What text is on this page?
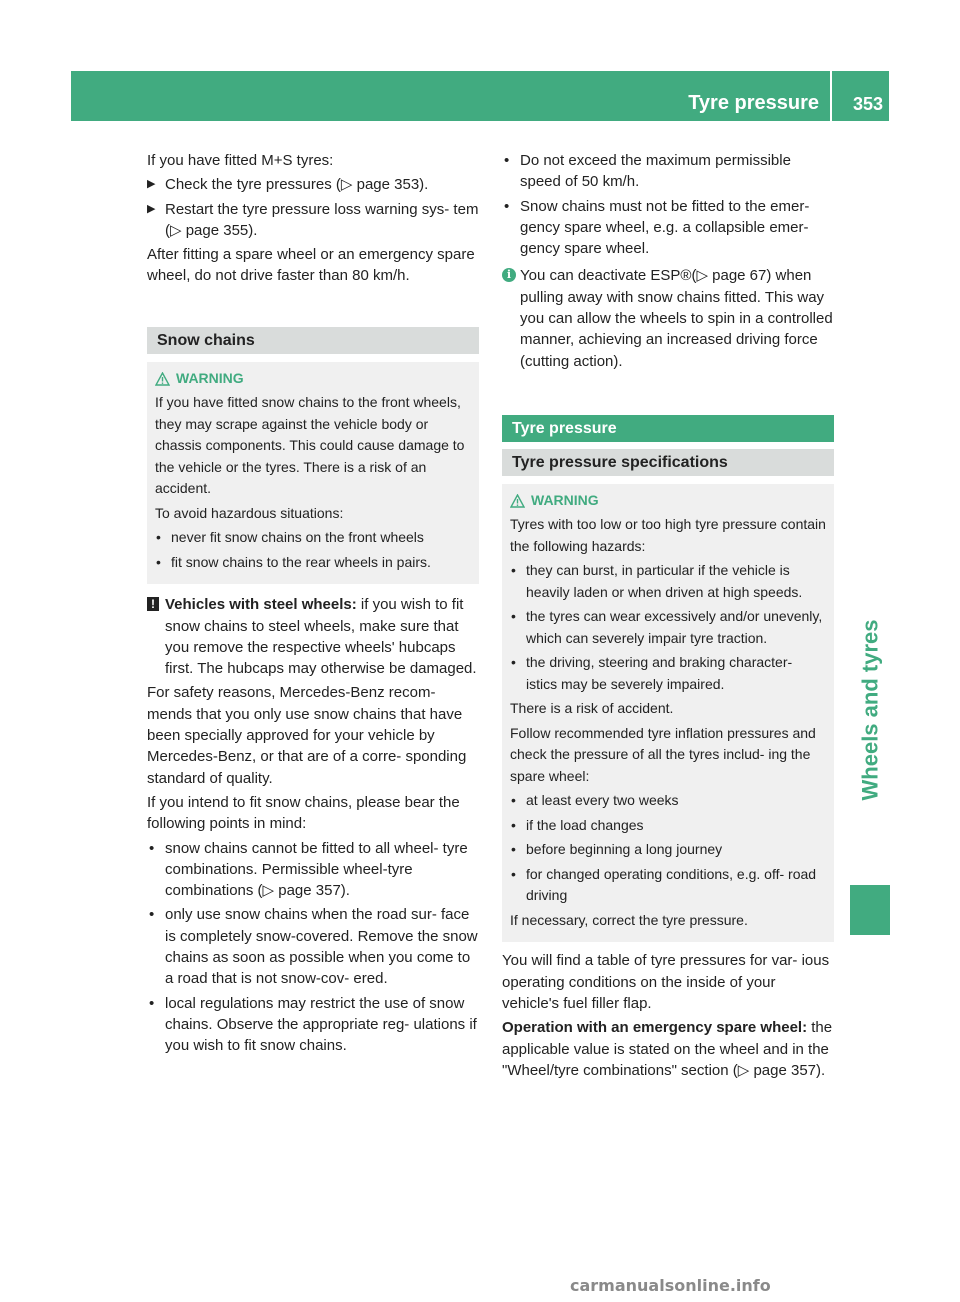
Tyre pressure 353
Wheels and tyres

If you have fitted M+S tyres:

▶ Check the tyre pressures (▷ page 353).
▶ Restart the tyre pressure loss warning sys- tem (▷ page 355).

After fitting a spare wheel or an emergency spare wheel, do not drive faster than 80 km/h.

Snow chains
WARNING

If you have fitted snow chains to the front wheels, they may scrape against the vehicle body or chassis components. This could cause damage to the vehicle or the tyres. There is a risk of an accident.

To avoid hazardous situations:

• never fit snow chains on the front wheels
• fit snow chains to the rear wheels in pairs.
! Vehicles with steel wheels: if you wish to fit snow chains to steel wheels, make sure that you remove the respective wheels' hubcaps first. The hubcaps may otherwise be damaged.

For safety reasons, Mercedes-Benz recom- mends that you only use snow chains that have been specially approved for your vehicle by Mercedes-Benz, or that are of a corre- sponding standard of quality.

If you intend to fit snow chains, please bear the following points in mind:

• snow chains cannot be fitted to all wheel- tyre combinations. Permissible wheel-tyre combinations (▷ page 357).
• only use snow chains when the road sur- face is completely snow-covered. Remove the snow chains as soon as possible when you come to a road that is not snow-cov- ered.
• local regulations may restrict the use of snow chains. Observe the appropriate reg- ulations if you wish to fit snow chains.
• Do not exceed the maximum permissible speed of 50 km/h.
• Snow chains must not be fitted to the emer- gency spare wheel, e.g. a collapsible emer- gency spare wheel.
i You can deactivate ESP®(▷ page 67) when pulling away with snow chains fitted. This way you can allow the wheels to spin in a controlled manner, achieving an increased driving force (cutting action).
Tyre pressure
Tyre pressure specifications
WARNING

Tyres with too low or too high tyre pressure contain the following hazards:

• they can burst, in particular if the vehicle is heavily laden or when driven at high speeds.
• the tyres can wear excessively and/or unevenly, which can severely impair tyre traction.
• the driving, steering and braking character- istics may be severely impaired.

There is a risk of accident.

Follow recommended tyre inflation pressures and check the pressure of all the tyres includ- ing the spare wheel:

• at least every two weeks
• if the load changes
• before beginning a long journey
• for changed operating conditions, e.g. off- road driving

If necessary, correct the tyre pressure.

You will find a table of tyre pressures for var- ious operating conditions on the inside of your vehicle's fuel filler flap.

Operation with an emergency spare wheel: the applicable value is stated on the wheel and in the "Wheel/tyre combinations" section (▷ page 357).

carmanualsonline.info
